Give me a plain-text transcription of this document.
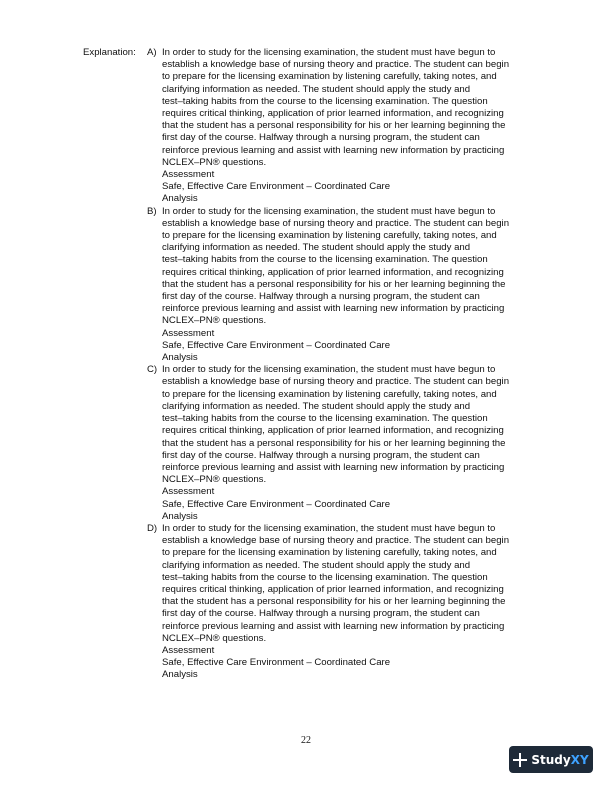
Explanation: A) In order to study for the licensing examination, the student must have begun to

establish a knowledge base of nursing theory and practice. The student can begin

to prepare for the licensing examination by listening carefully, taking notes, and

clarifying information as needed. The student should apply the study and

test–taking habits from the course to the licensing examination. The question

requires critical thinking, application of prior learned information, and recognizing

that the student has a personal responsibility for his or her learning beginning the

first day of the course. Halfway through a nursing program, the student can

reinforce previous learning and assist with learning new information by practicing

NCLEX–PN® questions.

Assessment

Safe, Effective Care Environment – Coordinated Care

Analysis

B) In order to study for the licensing examination, the student must have begun to

establish a knowledge base of nursing theory and practice. The student can begin

to prepare for the licensing examination by listening carefully, taking notes, and

clarifying information as needed. The student should apply the study and

test–taking habits from the course to the licensing examination. The question

requires critical thinking, application of prior learned information, and recognizing

that the student has a personal responsibility for his or her learning beginning the

first day of the course. Halfway through a nursing program, the student can

reinforce previous learning and assist with learning new information by practicing

NCLEX–PN® questions.

Assessment

Safe, Effective Care Environment – Coordinated Care

Analysis

C) In order to study for the licensing examination, the student must have begun to

establish a knowledge base of nursing theory and practice. The student can begin

to prepare for the licensing examination by listening carefully, taking notes, and

clarifying information as needed. The student should apply the study and

test–taking habits from the course to the licensing examination. The question

requires critical thinking, application of prior learned information, and recognizing

that the student has a personal responsibility for his or her learning beginning the

first day of the course. Halfway through a nursing program, the student can

reinforce previous learning and assist with learning new information by practicing

NCLEX–PN® questions.

Assessment

Safe, Effective Care Environment – Coordinated Care

Analysis

D) In order to study for the licensing examination, the student must have begun to

establish a knowledge base of nursing theory and practice. The student can begin

to prepare for the licensing examination by listening carefully, taking notes, and

clarifying information as needed. The student should apply the study and

test–taking habits from the course to the licensing examination. The question

requires critical thinking, application of prior learned information, and recognizing

that the student has a personal responsibility for his or her learning beginning the

first day of the course. Halfway through a nursing program, the student can

reinforce previous learning and assist with learning new information by practicing

NCLEX–PN® questions.

Assessment

Safe, Effective Care Environment – Coordinated Care

Analysis

22
StudyXY
